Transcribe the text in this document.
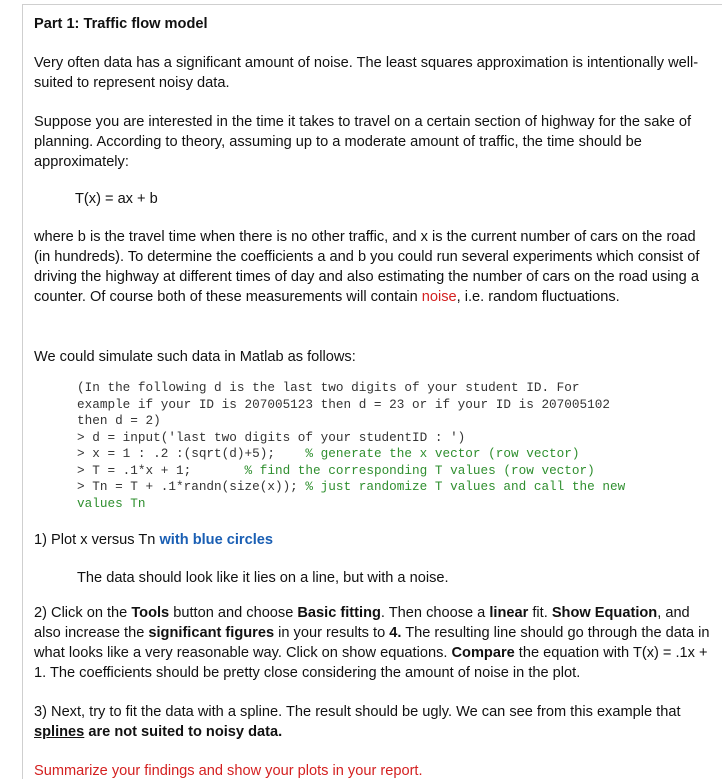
Part 1: Traffic flow model

Very often data has a significant amount of noise. The least squares approximation is intentionally well-suited to represent noisy data.

Suppose you are interested in the time it takes to travel on a certain section of highway for the sake of planning. According to theory, assuming up to a moderate amount of traffic, the time should be approximately:

T(x) = ax + b

where b is the travel time when there is no other traffic, and x is the current number of cars on the road (in hundreds). To determine the coefficients a and b you could run several experiments which consist of driving the highway at different times of day and also estimating the number of cars on the road using a counter. Of course both of these measurements will contain noise, i.e. random fluctuations.

We could simulate such data in Matlab as follows:

(In the following d is the last two digits of your student ID. For
example if your ID is 207005123 then d = 23 or if your ID is 207005102
then d = 2)
> d = input('last two digits of your studentID : ')
> x = 1 : .2 :(sqrt(d)+5);    % generate the x vector (row vector)
> T = .1*x + 1;       % find the corresponding T values (row vector)
> Tn = T + .1*randn(size(x)); % just randomize T values and call the new
values Tn
1) Plot x versus Tn with blue circles
The data should look like it lies on a line, but with a noise.

2) Click on the Tools button and choose Basic fitting. Then choose a linear fit. Show Equation, and also increase the significant figures in your results to 4. The resulting line should go through the data in what looks like a very reasonable way. Click on show equations. Compare the equation with T(x) = .1x + 1. The coefficients should be pretty close considering the amount of noise in the plot.

3) Next, try to fit the data with a spline. The result should be ugly. We can see from this example that splines are not suited to noisy data.

Summarize your findings and show your plots in your report.
